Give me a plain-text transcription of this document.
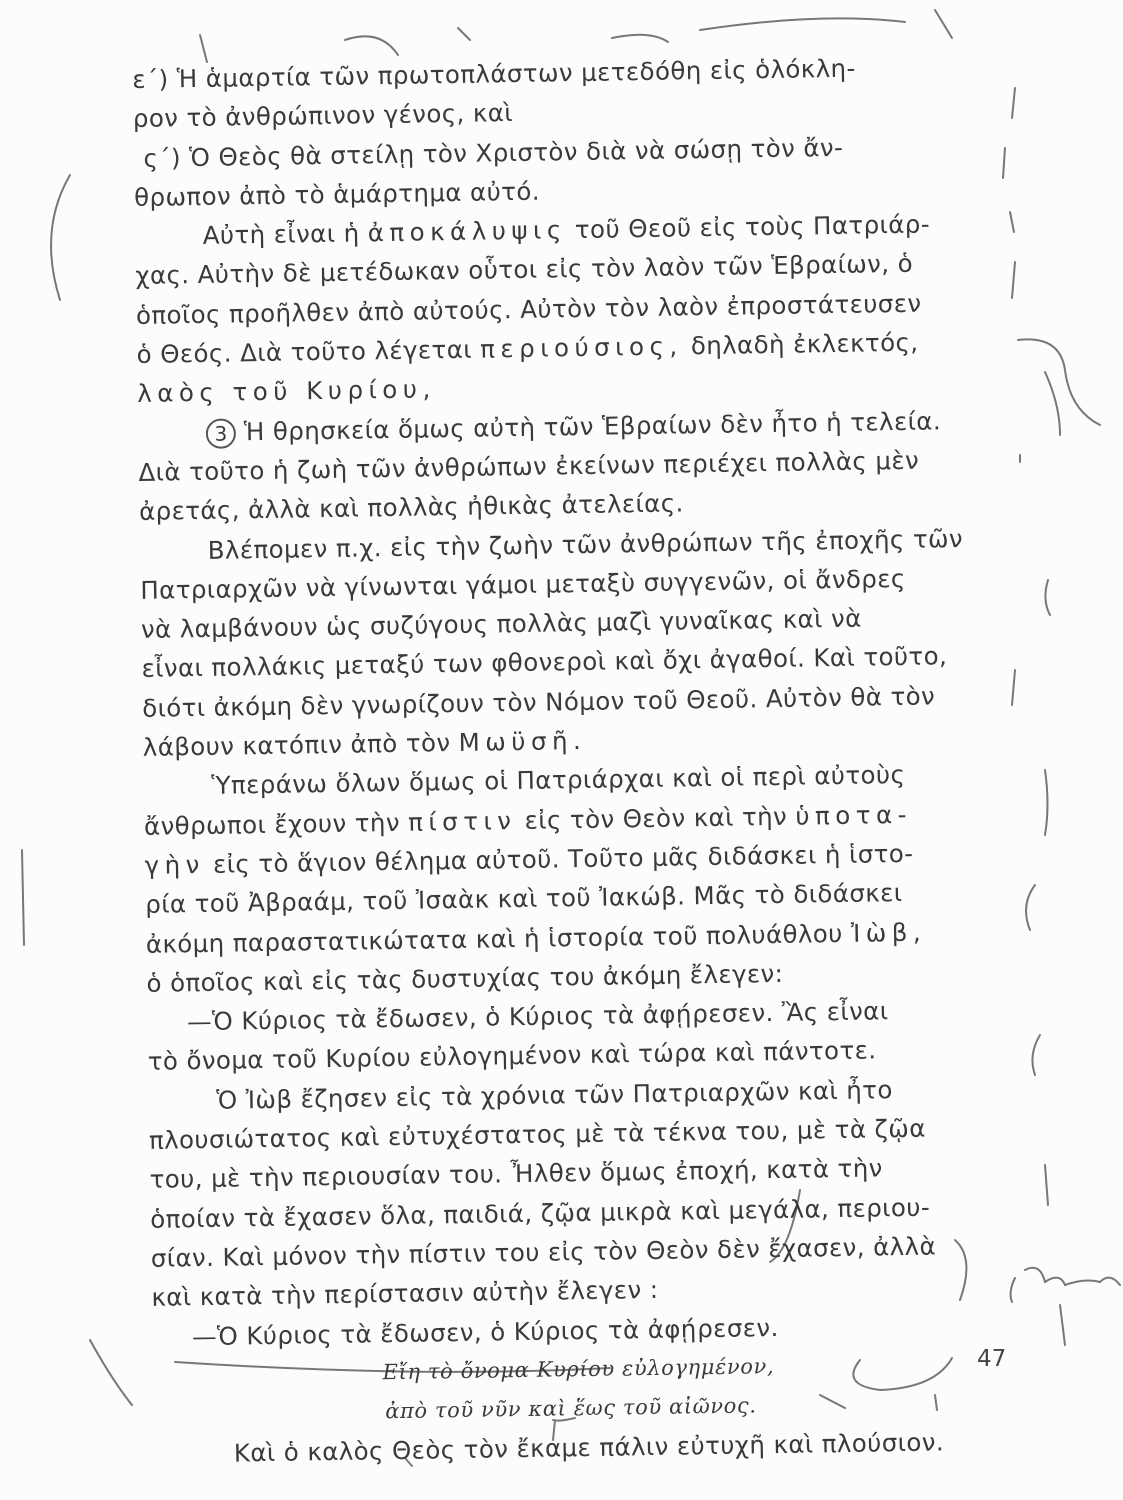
ε΄) Ἡ ἁμαρτία τῶν πρωτοπλάστων μετεδόθη εἰς ὁλόκλη-
ρον τὸ ἀνθρώπινον γένος, καὶ
ς΄) Ὁ Θεὸς θὰ στείλῃ τὸν Χριστὸν διὰ νὰ σώσῃ τὸν ἄν-
θρωπον ἀπὸ τὸ ἁμάρτημα αὐτό.
Αὐτὴ εἶναι ἡ ἀποκάλυψις τοῦ Θεοῦ εἰς τοὺς Πατριάρ-
χας. Αὐτὴν δὲ μετέδωκαν οὗτοι εἰς τὸν λαὸν τῶν Ἑβραίων, ὁ
ὁποῖος προῆλθεν ἀπὸ αὐτούς. Αὐτὸν τὸν λαὸν ἐπροστάτευσεν
ὁ Θεός. Διὰ τοῦτο λέγεται περιούσιος, δηλαδὴ ἐκλεκτός,
λαὸς τοῦ Κυρίου,
3 Ἡ θρησκεία ὅμως αὐτὴ τῶν Ἑβραίων δὲν ἦτο ἡ τελεία.
Διὰ τοῦτο ἡ ζωὴ τῶν ἀνθρώπων ἐκείνων περιέχει πολλὰς μὲν
ἀρετάς, ἀλλὰ καὶ πολλὰς ἠθικὰς ἀτελείας.
Βλέπομεν π.χ. εἰς τὴν ζωὴν τῶν ἀνθρώπων τῆς ἐποχῆς τῶν
Πατριαρχῶν νὰ γίνωνται γάμοι μεταξὺ συγγενῶν, οἱ ἄνδρες
νὰ λαμβάνουν ὡς συζύγους πολλὰς μαζὶ γυναῖκας καὶ νὰ
εἶναι πολλάκις μεταξύ των φθονεροὶ καὶ ὄχι ἀγαθοί. Καὶ τοῦτο,
διότι ἀκόμη δὲν γνωρίζουν τὸν Νόμον τοῦ Θεοῦ. Αὐτὸν θὰ τὸν
λάβουν κατόπιν ἀπὸ τὸν Μωϋσῆ.
Ὑπεράνω ὅλων ὅμως οἱ Πατριάρχαι καὶ οἱ περὶ αὐτοὺς
ἄνθρωποι ἔχουν τὴν πίστιν εἰς τὸν Θεὸν καὶ τὴν ὑποτα-
γὴν εἰς τὸ ἅγιον θέλημα αὐτοῦ. Τοῦτο μᾶς διδάσκει ἡ ἱστο-
ρία τοῦ Ἀβραάμ, τοῦ Ἰσαὰκ καὶ τοῦ Ἰακώβ. Μᾶς τὸ διδάσκει
ἀκόμη παραστατικώτατα καὶ ἡ ἱστορία τοῦ πολυάθλου Ἰὼβ,
ὁ ὁποῖος καὶ εἰς τὰς δυστυχίας του ἀκόμη ἔλεγεν:
—Ὁ Κύριος τὰ ἔδωσεν, ὁ Κύριος τὰ ἀφῄρεσεν. Ἂς εἶναι
τὸ ὄνομα τοῦ Κυρίου εὐλογημένον καὶ τώρα καὶ πάντοτε.
Ὁ Ἰὼβ ἔζησεν εἰς τὰ χρόνια τῶν Πατριαρχῶν καὶ ἦτο
πλουσιώτατος καὶ εὐτυχέστατος μὲ τὰ τέκνα του, μὲ τὰ ζῷα
του, μὲ τὴν περιουσίαν του. Ἦλθεν ὅμως ἐποχή, κατὰ τὴν
ὁποίαν τὰ ἔχασεν ὅλα, παιδιά, ζῷα μικρὰ καὶ μεγάλα, περιου-
σίαν. Καὶ μόνον τὴν πίστιν του εἰς τὸν Θεὸν δὲν ἔχασεν, ἀλλὰ
καὶ κατὰ τὴν περίστασιν αὐτὴν ἔλεγεν :
—Ὁ Κύριος τὰ ἔδωσεν, ὁ Κύριος τὰ ἀφῄρεσεν.
Εἴη τὸ ὄνομα Κυρίου εὐλογημένον,
ἀπὸ τοῦ νῦν καὶ ἕως τοῦ αἰῶνος.
Καὶ ὁ καλὸς Θεὸς τὸν ἔκαμε πάλιν εὐτυχῆ καὶ πλούσιον.
47
